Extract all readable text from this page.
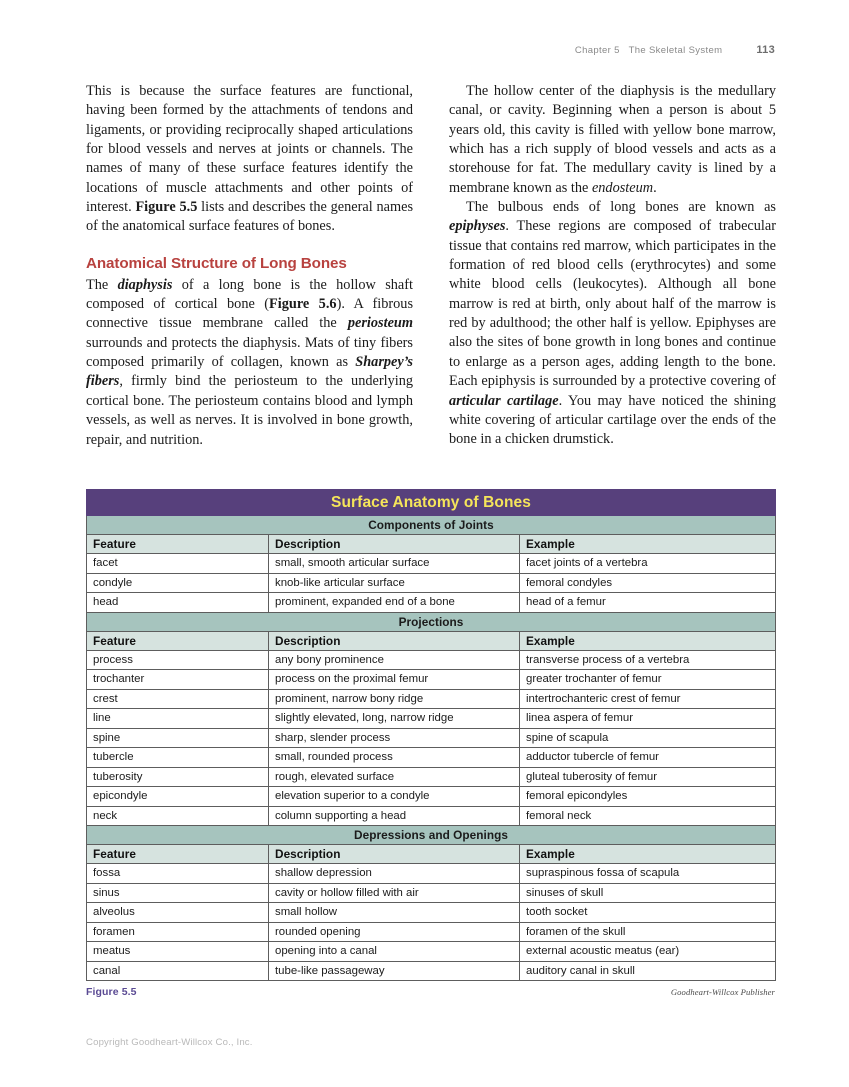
Chapter 5   The Skeletal System	113

This is because the surface features are functional, having been formed by the attachments of tendons and ligaments, or providing reciprocally shaped articulations for blood vessels and nerves at joints or channels. The names of many of these surface features identify the locations of muscle attachments and other points of interest. Figure 5.5 lists and describes the general names of the anatomical surface features of bones.

Anatomical Structure of Long Bones

The diaphysis of a long bone is the hollow shaft composed of cortical bone (Figure 5.6). A fibrous connective tissue membrane called the periosteum surrounds and protects the diaphysis. Mats of tiny fibers composed primarily of collagen, known as Sharpey’s fibers, firmly bind the periosteum to the underlying cortical bone. The periosteum contains blood and lymph vessels, as well as nerves. It is involved in bone growth, repair, and nutrition.

The hollow center of the diaphysis is the medullary canal, or cavity. Beginning when a person is about 5 years old, this cavity is filled with yellow bone marrow, which has a rich supply of blood vessels and acts as a storehouse for fat. The medullary cavity is lined by a membrane known as the endosteum.

The bulbous ends of long bones are known as epiphyses. These regions are composed of trabecular tissue that contains red marrow, which participates in the formation of red blood cells (erythrocytes) and some white blood cells (leukocytes). Although all bone marrow is red at birth, only about half of the marrow is red by adulthood; the other half is yellow. Epiphyses are also the sites of bone growth in long bones and continue to enlarge as a person ages, adding length to the bone. Each epiphysis is surrounded by a protective covering of articular cartilage. You may have noticed the shining white covering of articular cartilage over the ends of the bone in a chicken drumstick.

Surface Anatomy of Bones		
Components of Joints		
Feature	Description	Example
facet	small, smooth articular surface	facet joints of a vertebra
condyle	knob-like articular surface	femoral condyles
head	prominent, expanded end of a bone	head of a femur
Projections		
Feature	Description	Example
process	any bony prominence	transverse process of a vertebra
trochanter	process on the proximal femur	greater trochanter of femur
crest	prominent, narrow bony ridge	intertrochanteric crest of femur
line	slightly elevated, long, narrow ridge	linea aspera of femur
spine	sharp, slender process	spine of scapula
tubercle	small, rounded process	adductor tubercle of femur
tuberosity	rough, elevated surface	gluteal tuberosity of femur
epicondyle	elevation superior to a condyle	femoral epicondyles
neck	column supporting a head	femoral neck
Depressions and Openings		
Feature	Description	Example
fossa	shallow depression	supraspinous fossa of scapula
sinus	cavity or hollow filled with air	sinuses of skull
alveolus	small hollow	tooth socket
foramen	rounded opening	foramen of the skull
meatus	opening into a canal	external acoustic meatus (ear)
canal	tube-like passageway	auditory canal in skull
Figure 5.5	Goodheart-Willcox Publisher
Copyright Goodheart-Willcox Co., Inc.
